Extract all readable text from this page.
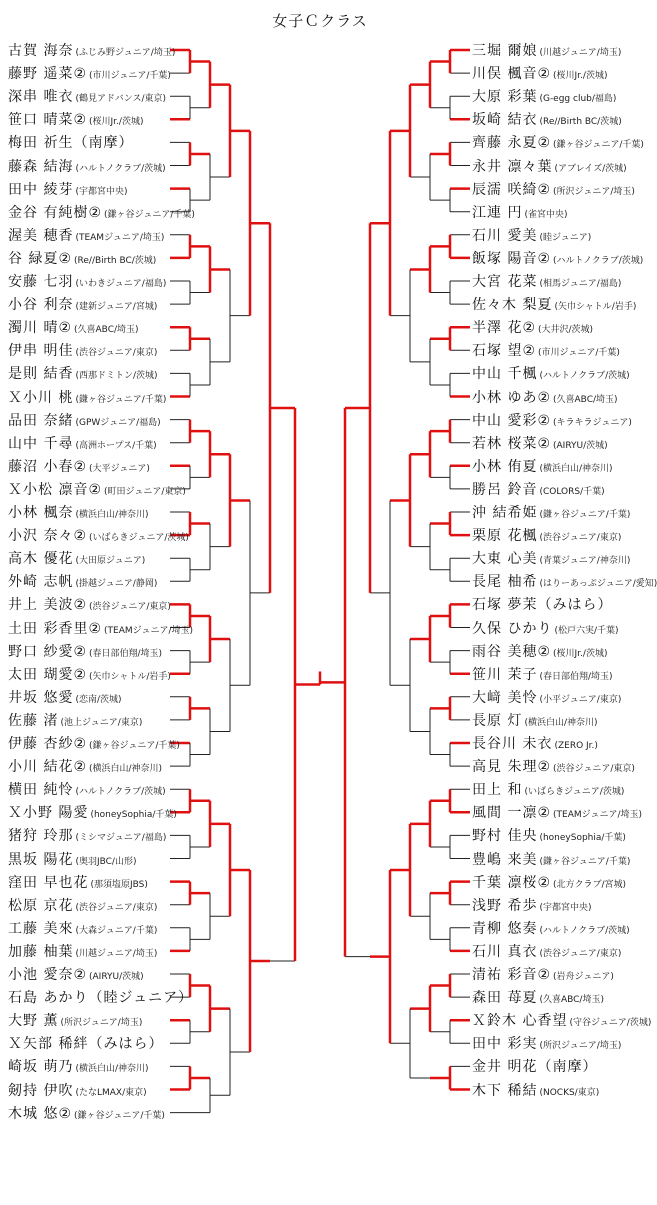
女子Ｃクラス
古賀 海奈 (ふじみ野ジュニア/埼玉)
藤野 遥菜② (市川ジュニア/千葉)
深串 唯衣 (鶴見アドバンス/東京)
笹口 晴菜② (桜川Jr./茨城)
梅田 祈生（南摩）
藤森 結海 (ハルトノクラブ/茨城)
田中 綾芽 (宇都宮中央)
金谷 有純樹② (鎌ヶ谷ジュニア/千葉)
渥美 穂香 (TEAMジュニア/埼玉)
谷 緑夏② (Re//Birth BC/茨城)
安藤 七羽 (いわきジュニア/福島)
小谷 利奈 (建新ジュニア/宮城)
濁川 晴② (久喜ABC/埼玉)
伊串 明佳 (渋谷ジュニア/東京)
是則 結香 (西那ドミトン/茨城)
Ｘ小川 桃 (鎌ヶ谷ジュニア/千葉)
品田 奈緒 (GPWジュニア/福島)
山中 千尋 (高洲ホープス/千葉)
藤沼 小春② (大平ジュニア)
Ｘ小松 凛音② (町田ジュニア/東京)
小林 楓奈 (横浜白山/神奈川)
小沢 奈々② (いばらきジュニア/茨城)
高木 優花 (大田原ジュニア)
外崎 志帆 (掛越ジュニア/静岡)
井上 美波② (渋谷ジュニア/東京)
土田 彩香里② (TEAMジュニア/埼玉)
野口 紗愛② (春日部伯翔/埼玉)
太田 瑚愛② (矢巾シャトル/岩手)
井坂 悠愛 (恋南/茨城)
佐藤 渚 (池上ジュニア/東京)
伊藤 杏紗② (鎌ヶ谷ジュニア/千葉)
小川 結花② (横浜白山/神奈川)
横田 純怜 (ハルトノクラブ/茨城)
Ｘ小野 陽愛 (honeySophia/千葉)
猪狩 玲那 (ミシマジュニア/福島)
黒坂 陽花 (奥羽JBC/山形)
窪田 早也花 (那須塩原JBS)
松原 京花 (渋谷ジュニア/東京)
工藤 美來 (大森ジュニア/千葉)
加藤 柚葉 (川越ジュニア/埼玉)
小池 愛奈② (AIRYU/茨城)
石島 あかり（睦ジュニア）
大野 薫 (所沢ジュニア/埼玉)
Ｘ矢部 稀絆（みはら）
崎坂 萌乃 (横浜白山/神奈川)
剱持 伊吹 (たなLMAX/東京)
木城 悠② (鎌ヶ谷ジュニア/千葉)
三堀 爾娘 (川越ジュニア/埼玉)
川俣 楓音② (桜川Jr./茨城)
大原 彩葉 (G-egg club/福島)
坂崎 結衣 (Re//Birth BC/茨城)
齊藤 永夏② (鎌ヶ谷ジュニア/千葉)
永井 凛々葉 (アブレイズ/茨城)
辰濡 咲綺② (所沢ジュニア/埼玉)
江連 円 (雀宮中央)
石川 愛美 (睦ジュニア)
飯塚 陽音② (ハルトノクラブ/茨城)
大宮 花菜 (相馬ジュニア/福島)
佐々木 梨夏 (矢巾シャトル/岩手)
半澤 花② (大井沢/茨城)
石塚 望② (市川ジュニア/千葉)
中山 千楓 (ハルトノクラブ/茨城)
小林 ゆあ② (久喜ABC/埼玉)
中山 愛彩② (キラキラジュニア)
若林 桜菜② (AIRYU/茨城)
小林 侑夏 (横浜白山/神奈川)
勝呂 鈴音 (COLORS/千葉)
沖 結希姫 (鎌ヶ谷ジュニア/千葉)
栗原 花楓 (渋谷ジュニア/東京)
大東 心美 (青葉ジュニア/神奈川)
長尾 柚希 (はりーあっぷジュニア/愛知)
石塚 夢茉（みはら）
久保 ひかり (松戸六実/千葉)
雨谷 美穂② (桜川Jr./茨城)
笹川 茉子 (春日部伯翔/埼玉)
大﨑 美怜 (小平ジュニア/東京)
長原 灯 (横浜白山/神奈川)
長谷川 未衣 (ZERO Jr.)
高見 朱理② (渋谷ジュニア/東京)
田上 和 (いばらきジュニア/茨城)
風間 一凛② (TEAMジュニア/埼玉)
野村 佳央 (honeySophia/千葉)
豊嶋 来美 (鎌ヶ谷ジュニア/千葉)
千葉 凛桜② (北方クラブ/宮城)
浅野 希歩 (宇都宮中央)
青柳 悠奏 (ハルトノクラブ/茨城)
石川 真衣 (渋谷ジュニア/東京)
清祐 彩音② (岩舟ジュニア)
森田 苺夏 (久喜ABC/埼玉)
Ｘ鈴木 心香望 (守谷ジュニア/茨城)
田中 彩実 (所沢ジュニア/埼玉)
金井 明花（南摩）
木下 稀結 (NOCKS/東京)
